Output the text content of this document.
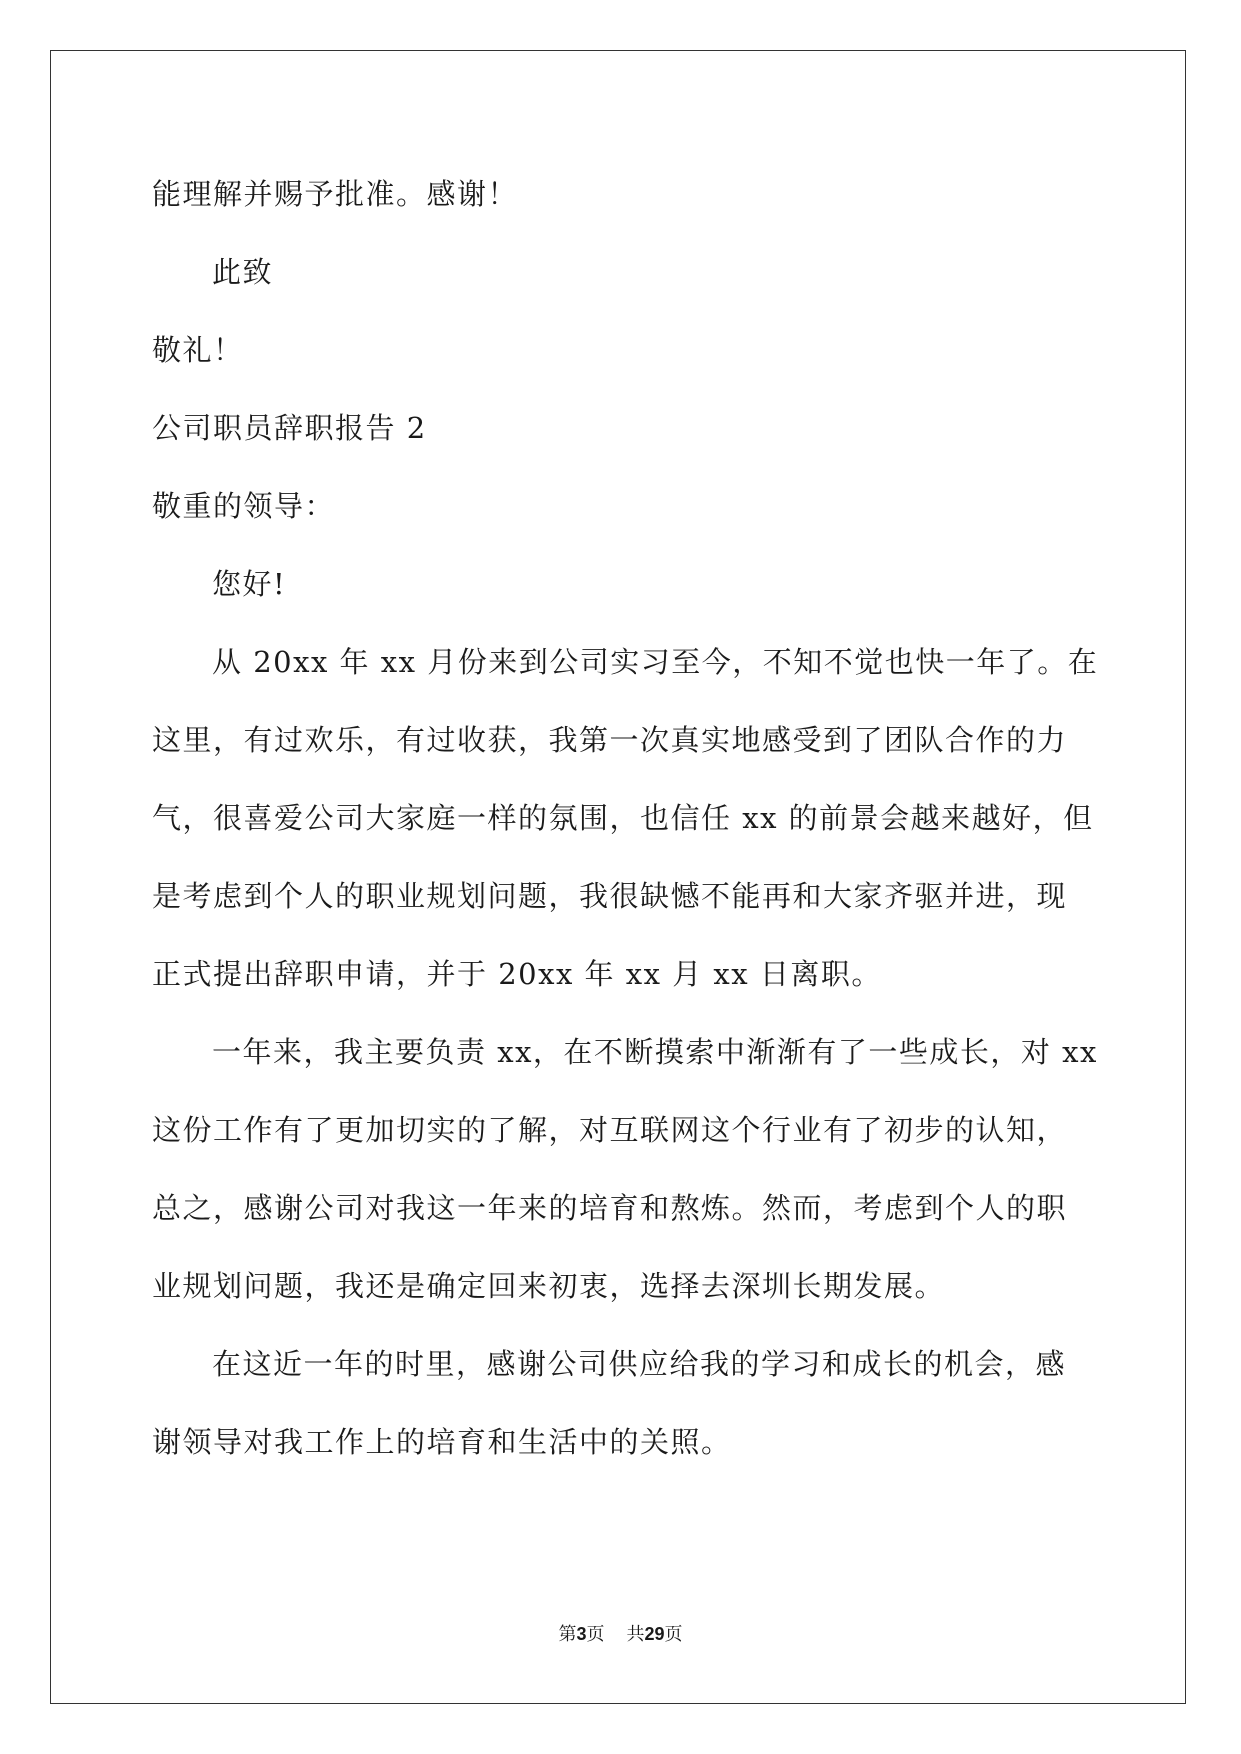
能理解并赐予批准。感谢！
此致
敬礼！
公司职员辞职报告 2
敬重的领导：
您好!
从 20xx 年 xx 月份来到公司实习至今，不知不觉也快一年了。在
这里，有过欢乐，有过收获，我第一次真实地感受到了团队合作的力
气，很喜爱公司大家庭一样的氛围，也信任 xx 的前景会越来越好，但
是考虑到个人的职业规划问题，我很缺憾不能再和大家齐驱并进，现
正式提出辞职申请，并于 20xx 年 xx 月 xx 日离职。
一年来，我主要负责 xx，在不断摸索中渐渐有了一些成长，对 xx
这份工作有了更加切实的了解，对互联网这个行业有了初步的认知，
总之，感谢公司对我这一年来的培育和熬炼。然而，考虑到个人的职
业规划问题，我还是确定回来初衷，选择去深圳长期发展。
在这近一年的时里，感谢公司供应给我的学习和成长的机会，感
谢领导对我工作上的培育和生活中的关照。
第3页 共29页
